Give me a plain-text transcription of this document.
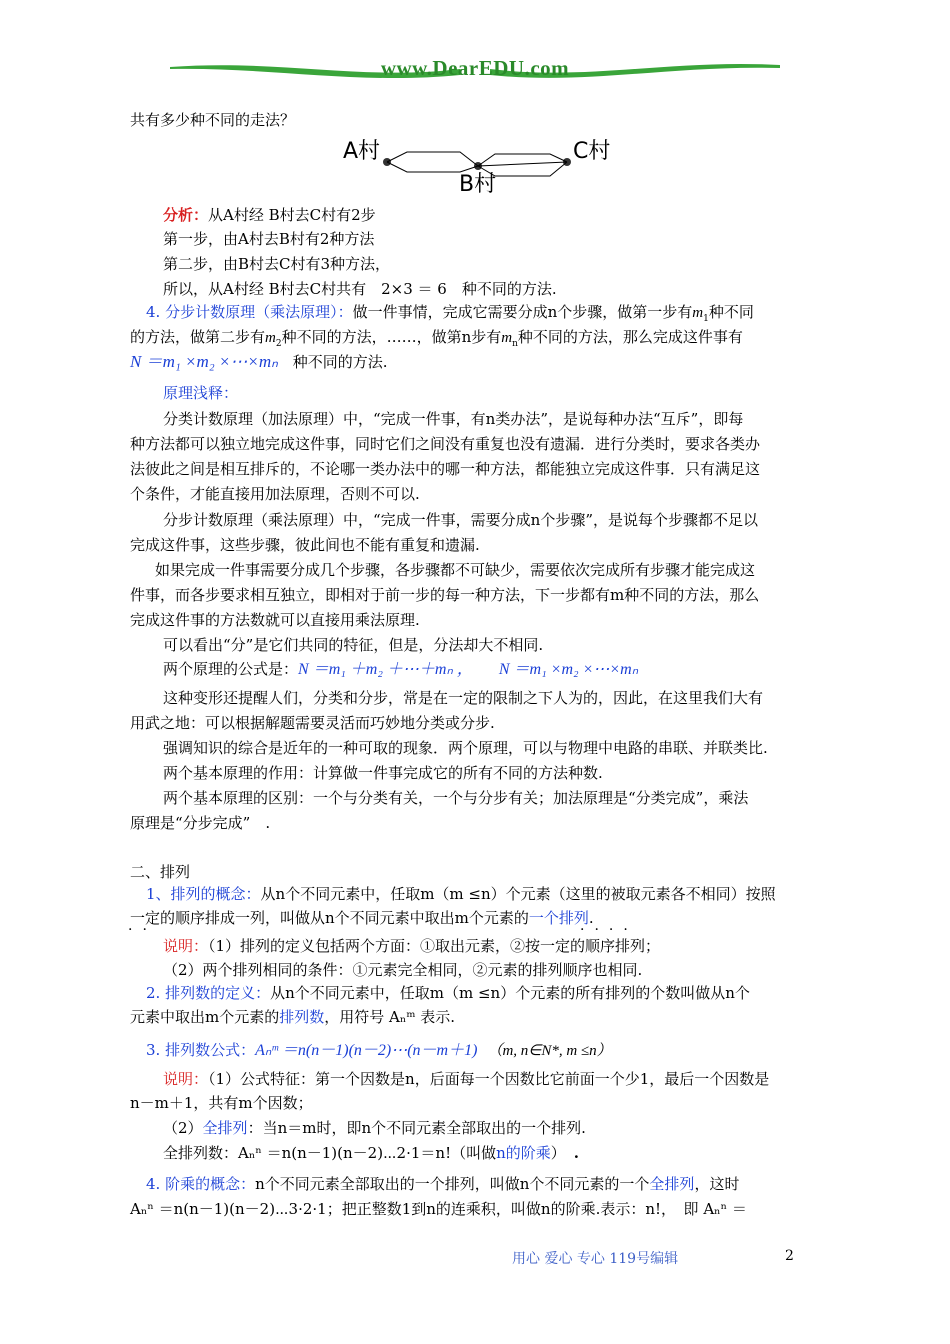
www.DearEDU.com
共有多少种不同的走法？
A村	C村
B村
分析：从A村经 B村去C村有2步
第一步，由A村去B村有2种方法
第二步，由B村去C村有3种方法，
所以，从A村经 B村去C村共有　2×3 ＝ 6　种不同的方法.
4. 分步计数原理（乘法原理）：做一件事情，完成它需要分成n个步骤，做第一步有$m_1$种不同
的方法，做第二步有$m_2$种不同的方法，……，做第n步有$m_n$种不同的方法，那么完成这件事有
N ＝m₁ ×m₂ ×⋯×mₙ 种不同的方法.
原理浅释：
分类计数原理（加法原理）中，“完成一件事，有n类办法”，是说每种办法“互斥”，即每
种方法都可以独立地完成这件事，同时它们之间没有重复也没有遗漏．进行分类时，要求各类办
法彼此之间是相互排斥的，不论哪一类办法中的哪一种方法，都能独立完成这件事．只有满足这
个条件，才能直接用加法原理，否则不可以.
分步计数原理（乘法原理）中，“完成一件事，需要分成n个步骤”，是说每个步骤都不足以
完成这件事，这些步骤，彼此间也不能有重复和遗漏.
如果完成一件事需要分成几个步骤，各步骤都不可缺少，需要依次完成所有步骤才能完成这
件事，而各步要求相互独立，即相对于前一步的每一种方法，下一步都有m种不同的方法，那么
完成这件事的方法数就可以直接用乘法原理.
可以看出“分”是它们共同的特征，但是，分法却大不相同.
两个原理的公式是：N ＝m₁ ＋m₂ ＋⋯＋mₙ ， N ＝m₁ ×m₂ ×⋯×mₙ
这种变形还提醒人们，分类和分步，常是在一定的限制之下人为的，因此，在这里我们大有
用武之地：可以根据解题需要灵活而巧妙地分类或分步.
强调知识的综合是近年的一种可取的现象．两个原理，可以与物理中电路的串联、并联类比.
两个基本原理的作用：计算做一件事完成它的所有不同的方法种数.
两个基本原理的区别：一个与分类有关，一个与分步有关；加法原理是“分类完成”，乘法
原理是“分步完成”　.
二、排列
1、排列的概念：从n个不同元素中，任取m（m ≤n）个元素（这里的被取元素各不相同）按照
一定的顺序排成一列，叫做从n个不同元素中取出m个元素的一个排列.
·​·	·​·​·​·
说明：（1）排列的定义包括两个方面：①取出元素，②按一定的顺序排列；
（2）两个排列相同的条件：①元素完全相同，②元素的排列顺序也相同.
2. 排列数的定义：从n个不同元素中，任取m（m ≤n）个元素的所有排列的个数叫做从n个
元素中取出m个元素的排列数，用符号 Aₙᵐ 表示.
3. 排列数公式：Aₙᵐ ＝n(n－1)(n－2)⋯(n－m＋1) （m, n∈N*, m ≤n）
说明：（1）公式特征：第一个因数是n，后面每一个因数比它前面一个少1，最后一个因数是
n－m＋1，共有m个因数；
（2）全排列：当n＝m时，即n个不同元素全部取出的一个排列.
全排列数：Aₙⁿ ＝n(n－1)(n－2)⋯2·1＝n!（叫做n的阶乘） .
4. 阶乘的概念：n个不同元素全部取出的一个排列，叫做n个不同元素的一个全排列，这时
Aₙⁿ ＝n(n－1)(n－2)⋯3·2·1；把正整数1到n的连乘积，叫做n的阶乘.表示：n!，　即 Aₙⁿ ＝
用心 爱心 专心 119号编辑	2
